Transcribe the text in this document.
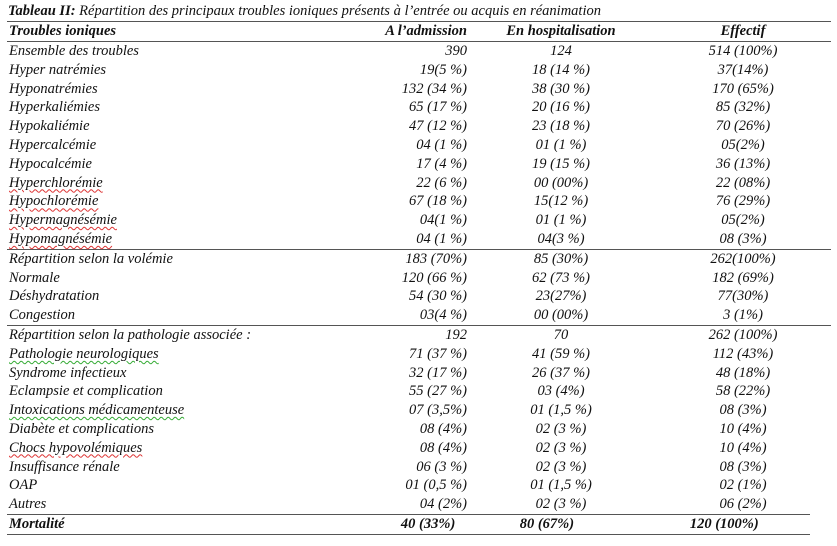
Tableau II: Répartition des principaux troubles ioniques présents à l’entrée ou acquis en réanimation
Troubles ioniques	A l’admission	En hospitalisation	Effectif
Ensemble des troubles	390	124	514 (100%)
Hyper natrémies	19(5 %)	18 (14 %)	37(14%)
Hyponatrémies	132 (34 %)	38 (30 %)	170 (65%)
Hyperkaliémies	65 (17 %)	20 (16 %)	85 (32%)
Hypokaliémie	47 (12 %)	23 (18 %)	70 (26%)
Hypercalcémie	04 (1 %)	01 (1 %)	05(2%)
Hypocalcémie	17 (4 %)	19 (15 %)	36 (13%)
Hyperchlorémie	22 (6 %)	00 (00%)	22 (08%)
Hypochlorémie	67 (18 %)	15(12 %)	76 (29%)
Hypermagnésémie	04(1 %)	01 (1 %)	05(2%)
Hypomagnésémie	04 (1 %)	04(3 %)	08 (3%)
Répartition selon la volémie	183 (70%)	85 (30%)	262(100%)
Normale	120 (66 %)	62 (73 %)	182 (69%)
Déshydratation	54 (30 %)	23(27%)	77(30%)
Congestion	03(4 %)	00 (00%)	3 (1%)
Répartition selon la pathologie associée :	192	70	262 (100%)
Pathologie neurologiques	71 (37 %)	41 (59 %)	112 (43%)
Syndrome infectieux	32 (17 %)	26 (37 %)	48 (18%)
Eclampsie et complication	55 (27 %)	03 (4%)	58 (22%)
Intoxications médicamenteuse	07 (3,5%)	01 (1,5 %)	08 (3%)
Diabète et complications	08 (4%)	02 (3 %)	10 (4%)
Chocs hypovolémiques	08 (4%)	02 (3 %)	10 (4%)
Insuffisance rénale	06 (3 %)	02 (3 %)	08 (3%)
OAP	01 (0,5 %)	01 (1,5 %)	02 (1%)
Autres	04 (2%)	02 (3 %)	06 (2%)
Mortalité	40 (33%)	80 (67%)	120 (100%)
